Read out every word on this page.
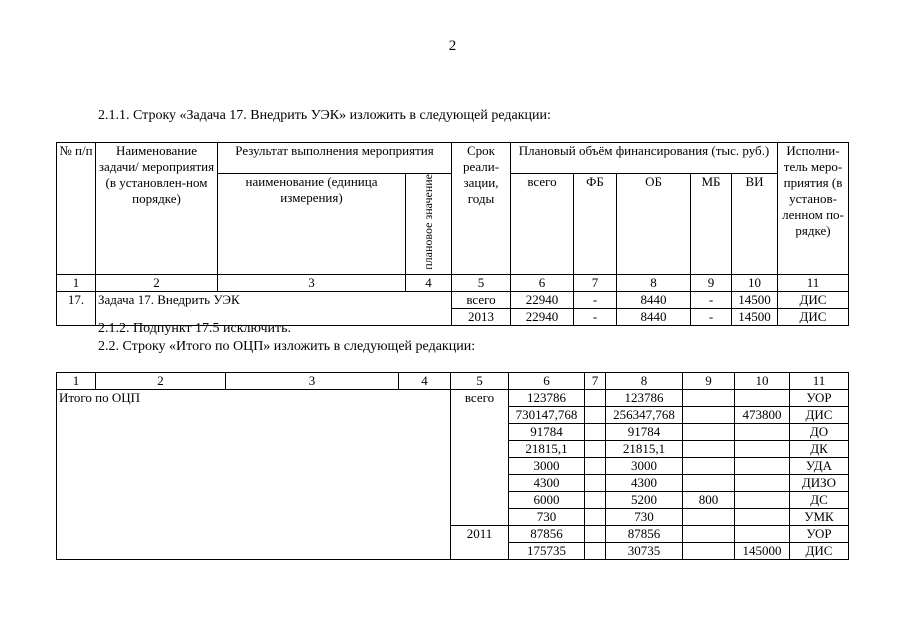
2
2.1.1. Строку «Задача 17. Внедрить УЭК» изложить в следующей редакции:
2.1.2. Подпункт 17.5 исключить.
2.2. Строку «Итого по ОЦП» изложить в следующей редакции:
№ п/п	Наименование задачи/ мероприятия (в установлен-ном порядке)	Результат выполнения мероприятия		Срок реали-зации, годы	Плановый объём финансирования (тыс. руб.)					Исполни-тель меро-приятия (в установ-ленном по-рядке)
		наименование (единица измерения)	плановое значение		всего	ФБ	ОБ	МБ	ВИ	
1	2	3	4	5	6	7	8	9	10	11
17.	Задача 17. Внедрить УЭК			всего	22940	-	8440	-	14500	ДИС
				2013	22940	-	8440	-	14500	ДИС
1	2	3	4	5	6	7	8	9	10	11
Итого по ОЦП				всего	123786		123786			УОР
					730147,768		256347,768		473800	ДИС
					91784		91784			ДО
					21815,1		21815,1			ДК
					3000		3000			УДА
					4300		4300			ДИЗО
					6000		5200	800		ДС
					730		730			УМК
				2011	87856		87856			УОР
					175735		30735		145000	ДИС
